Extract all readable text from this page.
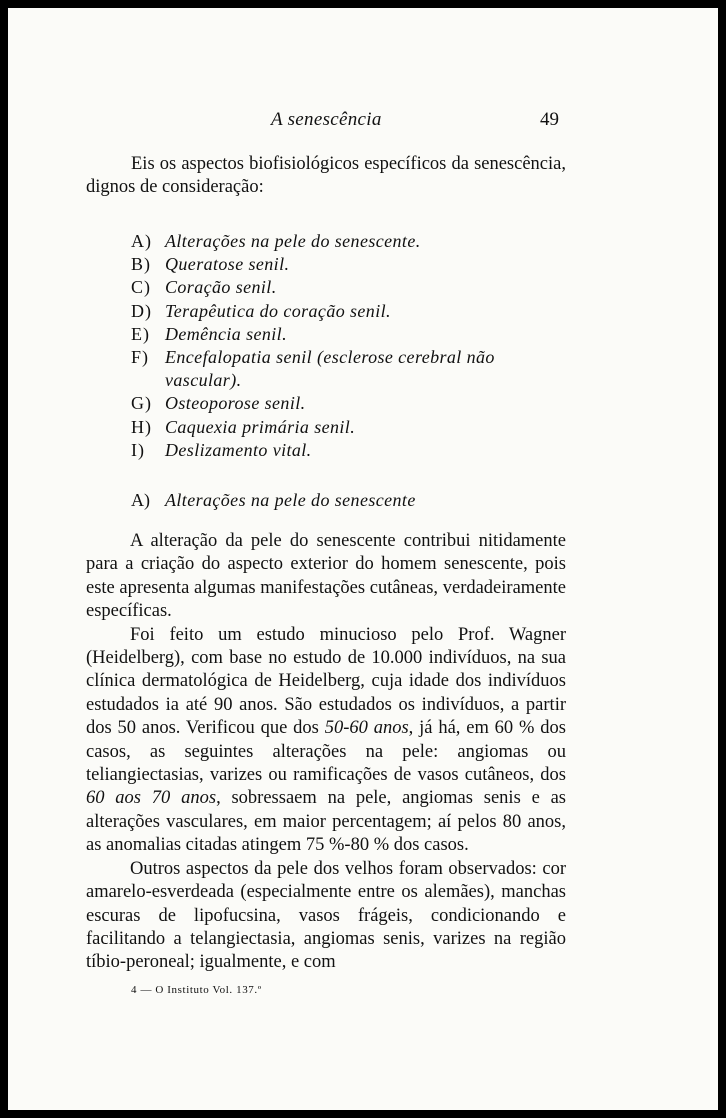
A senescência	49

Eis os aspectos biofisiológicos específicos da senescência, dignos de consideração:

A) Alterações na pele do senescente.
B) Queratose senil.
C) Coração senil.
D) Terapêutica do coração senil.
E) Demência senil.
F) Encefalopatia senil (esclerose cerebral não vascular).
G) Osteoporose senil.
H) Caquexia primária senil.
I)	Deslizamento vital.
A) Alterações na pele do senescente

A alteração da pele do senescente contribui nitidamente para a criação do aspecto exterior do homem senescente, pois este apresenta algumas manifestações cutâneas, verdadeiramente específicas.

Foi feito um estudo minucioso pelo Prof. Wagner (Heidelberg), com base no estudo de 10.000 indivíduos, na sua clínica dermatológica de Heidelberg, cuja idade dos indivíduos estudados ia até 90 anos. São estudados os indivíduos, a partir dos 50 anos. Verificou que dos 50-60 anos, já há, em 60 % dos casos, as seguintes alterações na pele: angiomas ou teliangiectasias, varizes ou ramificações de vasos cutâneos, dos 60 aos 70 anos, sobressaem na pele, angiomas senis e as alterações vasculares, em maior percentagem; aí pelos 80 anos, as anomalias citadas atingem 75 %-80 % dos casos.

Outros aspectos da pele dos velhos foram observados: cor amarelo-esverdeada (especialmente entre os alemães), manchas escuras de lipofucsina, vasos frágeis, condicionando e facilitando a telangiectasia, angiomas senis, varizes na região tíbio-peroneal; igualmente, e com

4 — O Instituto Vol. 137.º
